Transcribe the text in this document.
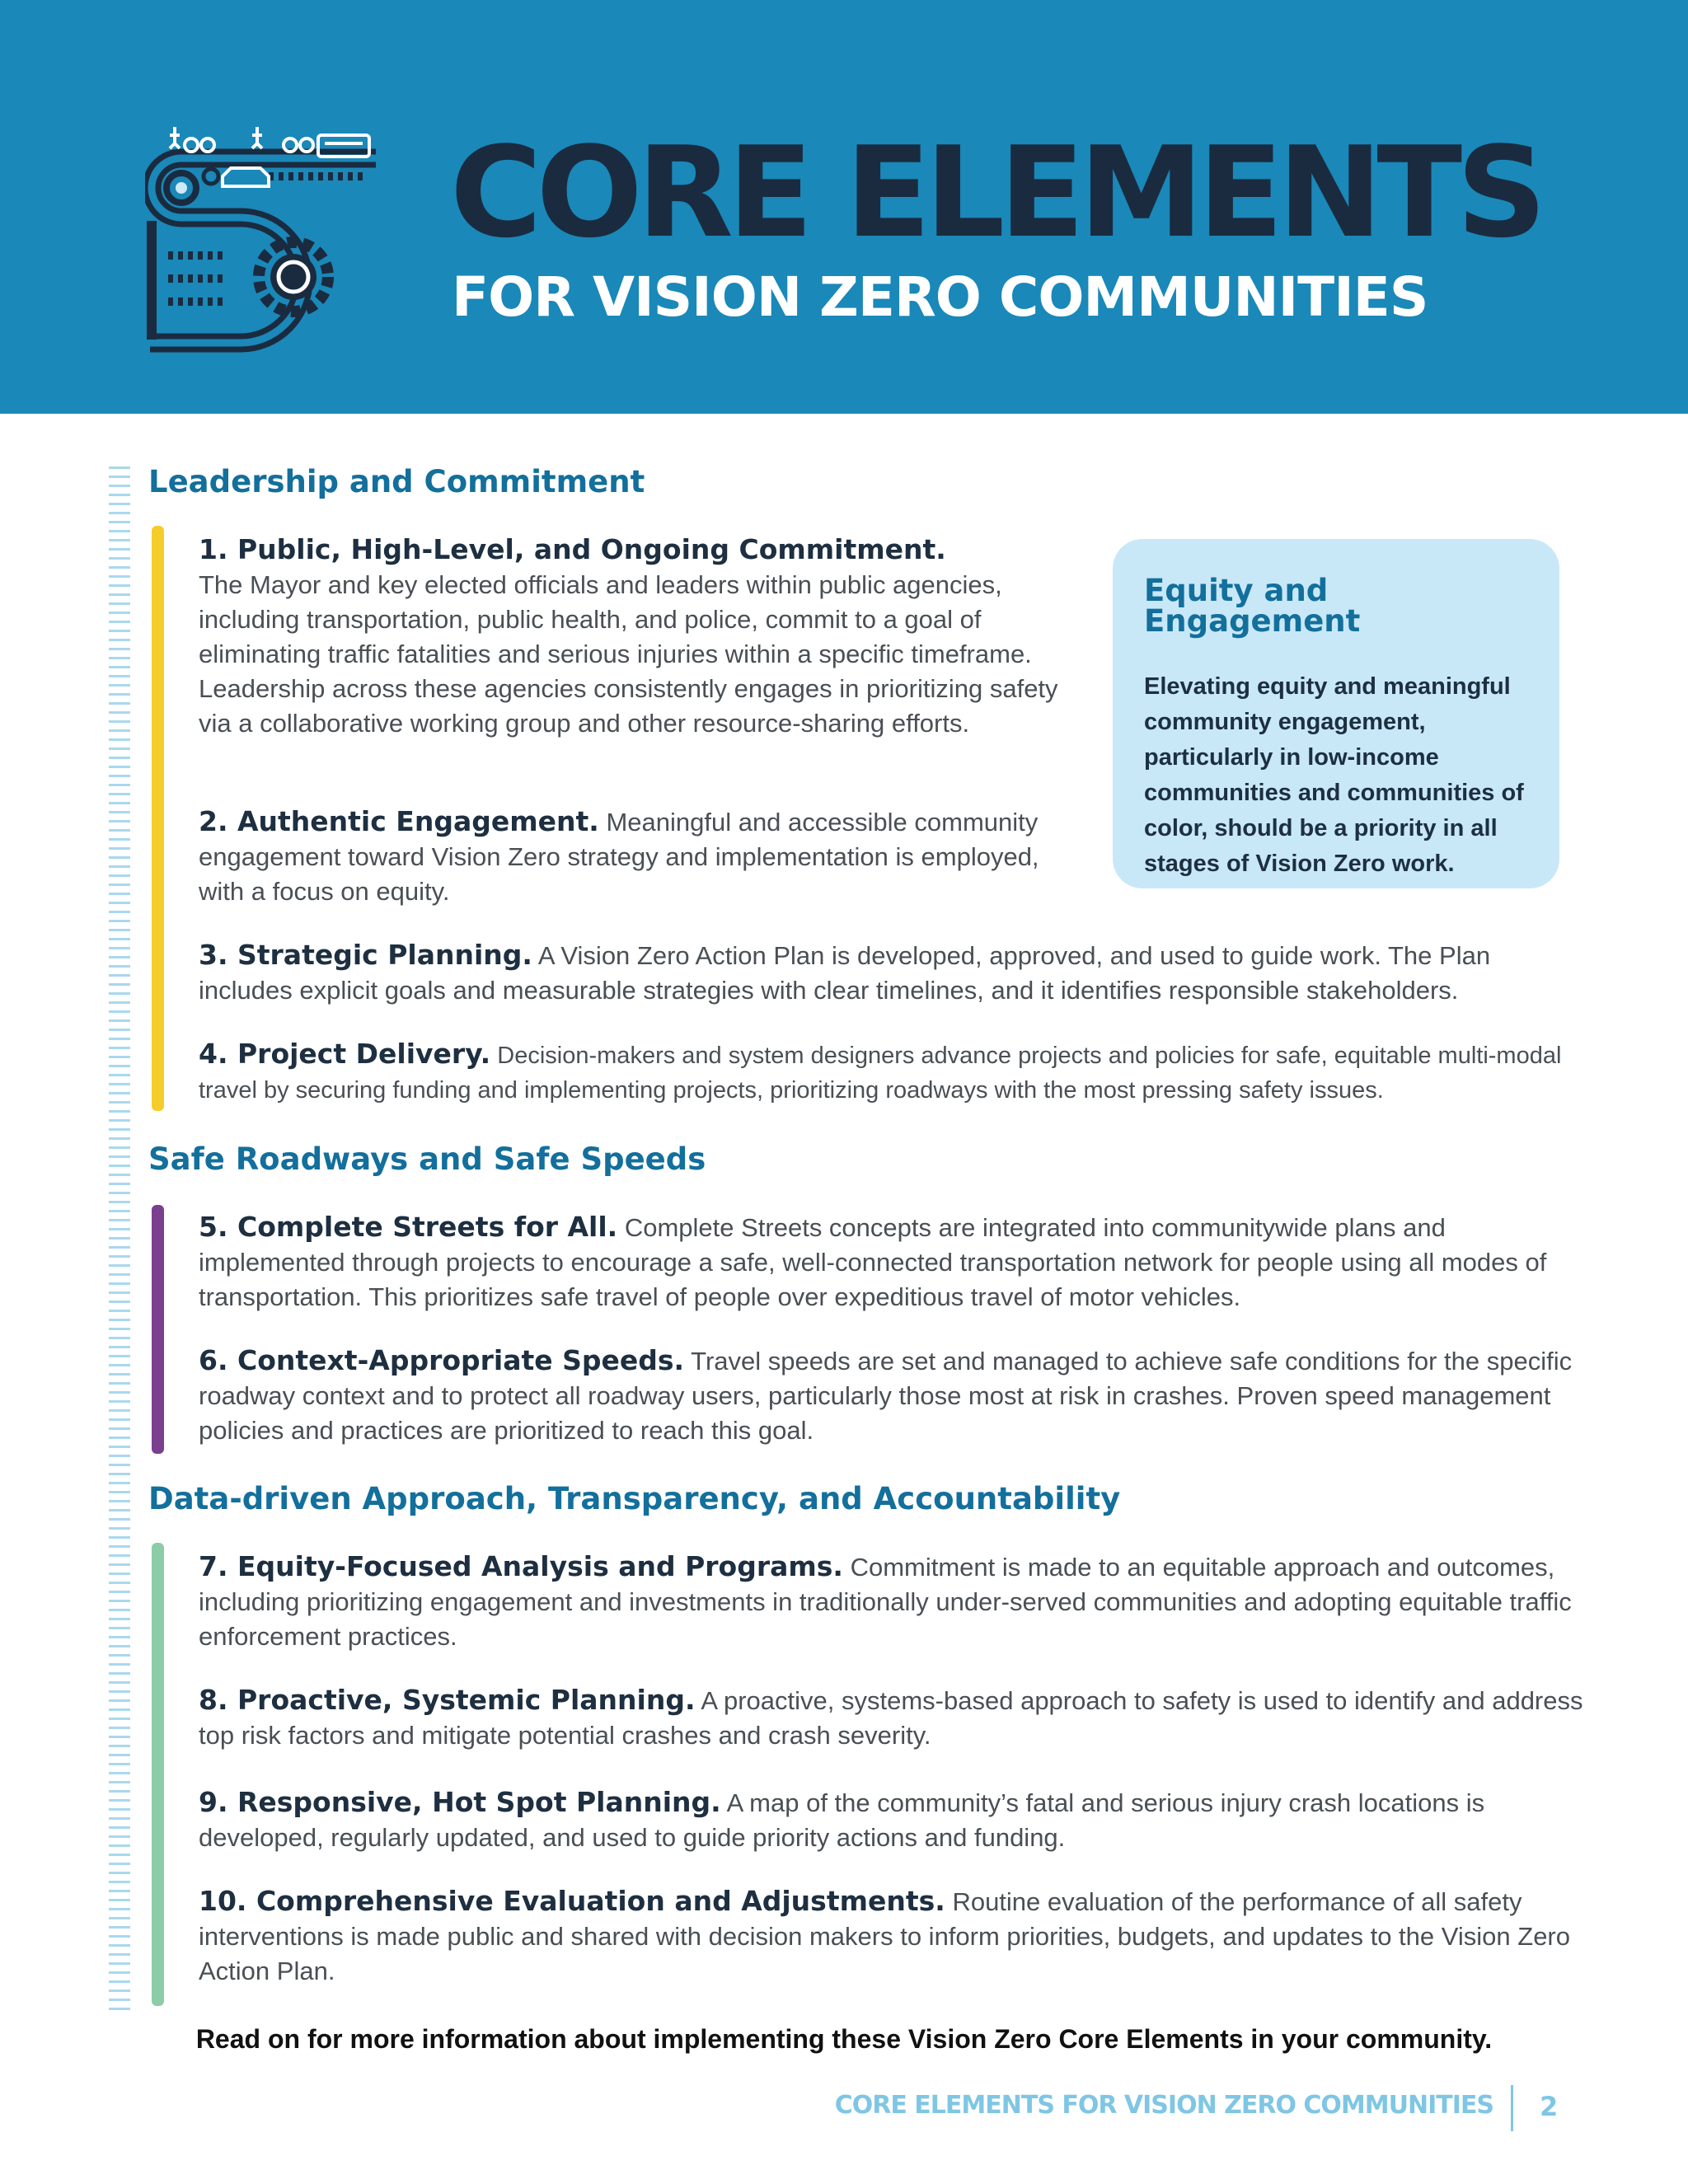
CORE ELEMENTS
FOR VISION ZERO COMMUNITIES
Leadership and Commitment

1. Public, High-Level, and Ongoing Commitment.
The Mayor and key elected officials and leaders within public agencies, including transportation, public health, and police, commit to a goal of eliminating traffic fatalities and serious injuries within a specific timeframe. Leadership across these agencies consistently engages in prioritizing safety via a collaborative working group and other resource-sharing efforts.

2. Authentic Engagement. Meaningful and accessible community engagement toward Vision Zero strategy and implementation is employed, with a focus on equity.

3. Strategic Planning. A Vision Zero Action Plan is developed, approved, and used to guide work. The Plan includes explicit goals and measurable strategies with clear timelines, and it identifies responsible stakeholders.

4. Project Delivery. Decision-makers and system designers advance projects and policies for safe, equitable multi-modal travel by securing funding and implementing projects, prioritizing roadways with the most pressing safety issues.

Equity and Engagement

Elevating equity and meaningful community engagement, particularly in low-income communities and communities of color, should be a priority in all stages of Vision Zero work.

Safe Roadways and Safe Speeds

5. Complete Streets for All. Complete Streets concepts are integrated into communitywide plans and implemented through projects to encourage a safe, well-connected transportation network for people using all modes of transportation. This prioritizes safe travel of people over expeditious travel of motor vehicles.

6. Context-Appropriate Speeds. Travel speeds are set and managed to achieve safe conditions for the specific roadway context and to protect all roadway users, particularly those most at risk in crashes. Proven speed management policies and practices are prioritized to reach this goal.

Data-driven Approach, Transparency, and Accountability

7. Equity-Focused Analysis and Programs. Commitment is made to an equitable approach and outcomes, including prioritizing engagement and investments in traditionally under-served communities and adopting equitable traffic enforcement practices.

8. Proactive, Systemic Planning. A proactive, systems-based approach to safety is used to identify and address top risk factors and mitigate potential crashes and crash severity.

9. Responsive, Hot Spot Planning. A map of the community’s fatal and serious injury crash locations is developed, regularly updated, and used to guide priority actions and funding.

10. Comprehensive Evaluation and Adjustments. Routine evaluation of the performance of all safety interventions is made public and shared with decision makers to inform priorities, budgets, and updates to the Vision Zero Action Plan.

Read on for more information about implementing these Vision Zero Core Elements in your community.

CORE ELEMENTS FOR VISION ZERO COMMUNITIES 2
